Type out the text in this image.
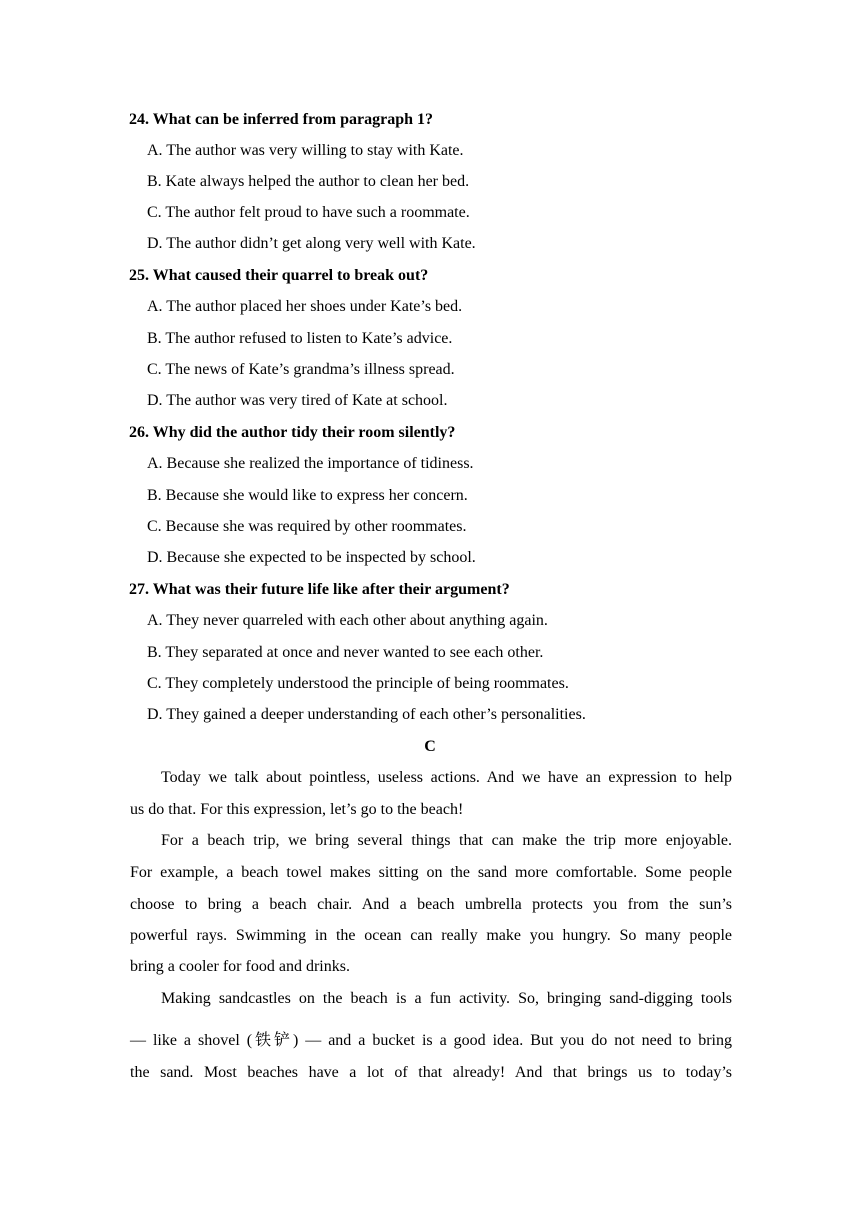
24. What can be inferred from paragraph 1?
A. The author was very willing to stay with Kate.
B. Kate always helped the author to clean her bed.
C. The author felt proud to have such a roommate.
D. The author didn’t get along very well with Kate.
25. What caused their quarrel to break out?
A. The author placed her shoes under Kate’s bed.
B. The author refused to listen to Kate’s advice.
C. The news of Kate’s grandma’s illness spread.
D. The author was very tired of Kate at school.
26. Why did the author tidy their room silently?
A. Because she realized the importance of tidiness.
B. Because she would like to express her concern.
C. Because she was required by other roommates.
D. Because she expected to be inspected by school.
27. What was their future life like after their argument?
A. They never quarreled with each other about anything again.
B. They separated at once and never wanted to see each other.
C. They completely understood the principle of being roommates.
D. They gained a deeper understanding of each other’s personalities.
C
Today we talk about pointless, useless actions. And we have an expression to help
us do that. For this expression, let’s go to the beach!
For a beach trip, we bring several things that can make the trip more enjoyable.
For example, a beach towel makes sitting on the sand more comfortable. Some people
choose to bring a beach chair. And a beach umbrella protects you from the sun’s
powerful rays. Swimming in the ocean can really make you hungry. So many people
bring a cooler for food and drinks.
Making sandcastles on the beach is a fun activity. So, bringing sand-digging tools
— like a shovel (铁铲) — and a bucket is a good idea. But you do not need to bring
the sand. Most beaches have a lot of that already! And that brings us to today’s
